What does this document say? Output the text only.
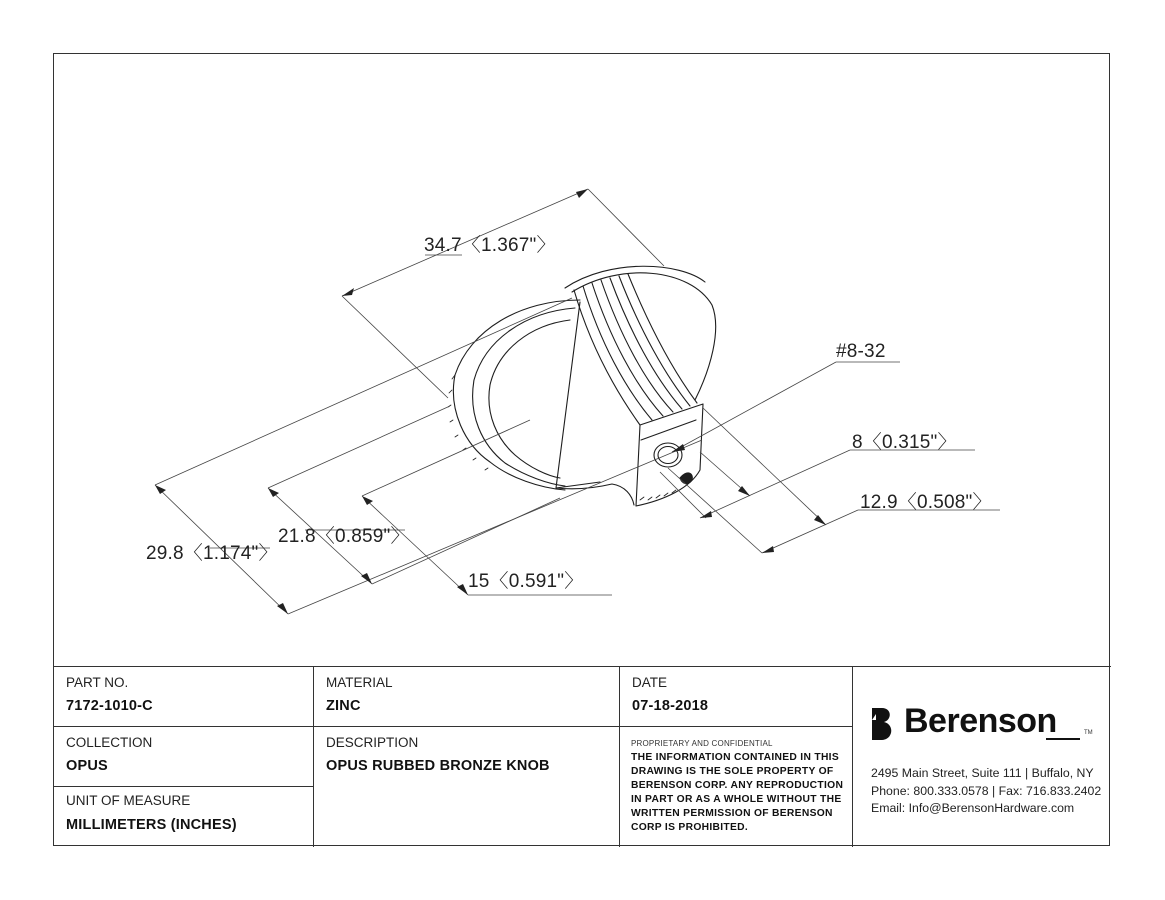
34.7〈1.367"〉
29.8〈1.174"〉
21.8〈0.859"〉
15〈0.591"〉
#8-32
8〈0.315"〉
12.9〈0.508"〉
PART NO.
7172-1010-C
MATERIAL
ZINC
DATE
07-18-2018
COLLECTION
OPUS
DESCRIPTION
OPUS RUBBED BRONZE KNOB
PROPRIETARY AND CONFIDENTIAL
THE INFORMATION CONTAINED IN THIS DRAWING IS THE SOLE PROPERTY OF BERENSON CORP. ANY REPRODUCTION IN PART OR AS A WHOLE WITHOUT THE WRITTEN PERMISSION OF BERENSON CORP IS PROHIBITED.
UNIT OF MEASURE
MILLIMETERS (INCHES)
Berenson	TM
2495 Main Street, Suite 111 | Buffalo, NY
Phone: 800.333.0578 | Fax: 716.833.2402
Email: Info@BerensonHardware.com
